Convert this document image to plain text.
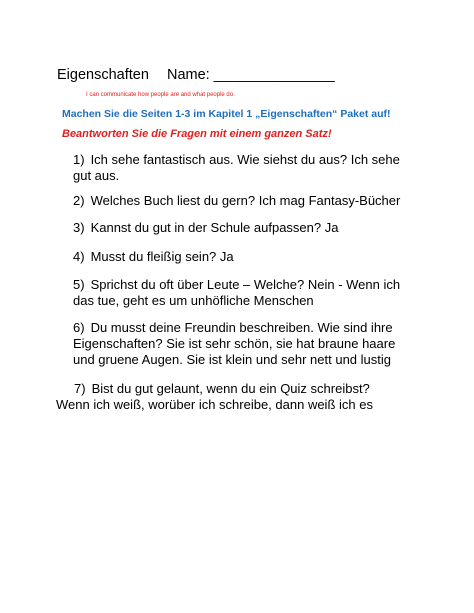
Eigenschaften Name: _______________
I can communicate how people are and what people do.
Machen Sie die Seiten 1-3 im Kapitel 1 „Eigenschaften“ Paket auf!
Beantworten Sie die Fragen mit einem ganzen Satz!
1) Ich sehe fantastisch aus. Wie siehst du aus? Ich sehe
gut aus.
2) Welches Buch liest du gern? Ich mag Fantasy-Bücher
3) Kannst du gut in der Schule aufpassen? Ja
4) Musst du fleißig sein? Ja
5) Sprichst du oft über Leute – Welche? Nein - Wenn ich
das tue, geht es um unhöfliche Menschen
6) Du musst deine Freundin beschreiben. Wie sind ihre
Eigenschaften? Sie ist sehr schön, sie hat braune haare
und gruene Augen. Sie ist klein und sehr nett und lustig
7) Bist du gut gelaunt, wenn du ein Quiz schreibst?
Wenn ich weiß, worüber ich schreibe, dann weiß ich es
